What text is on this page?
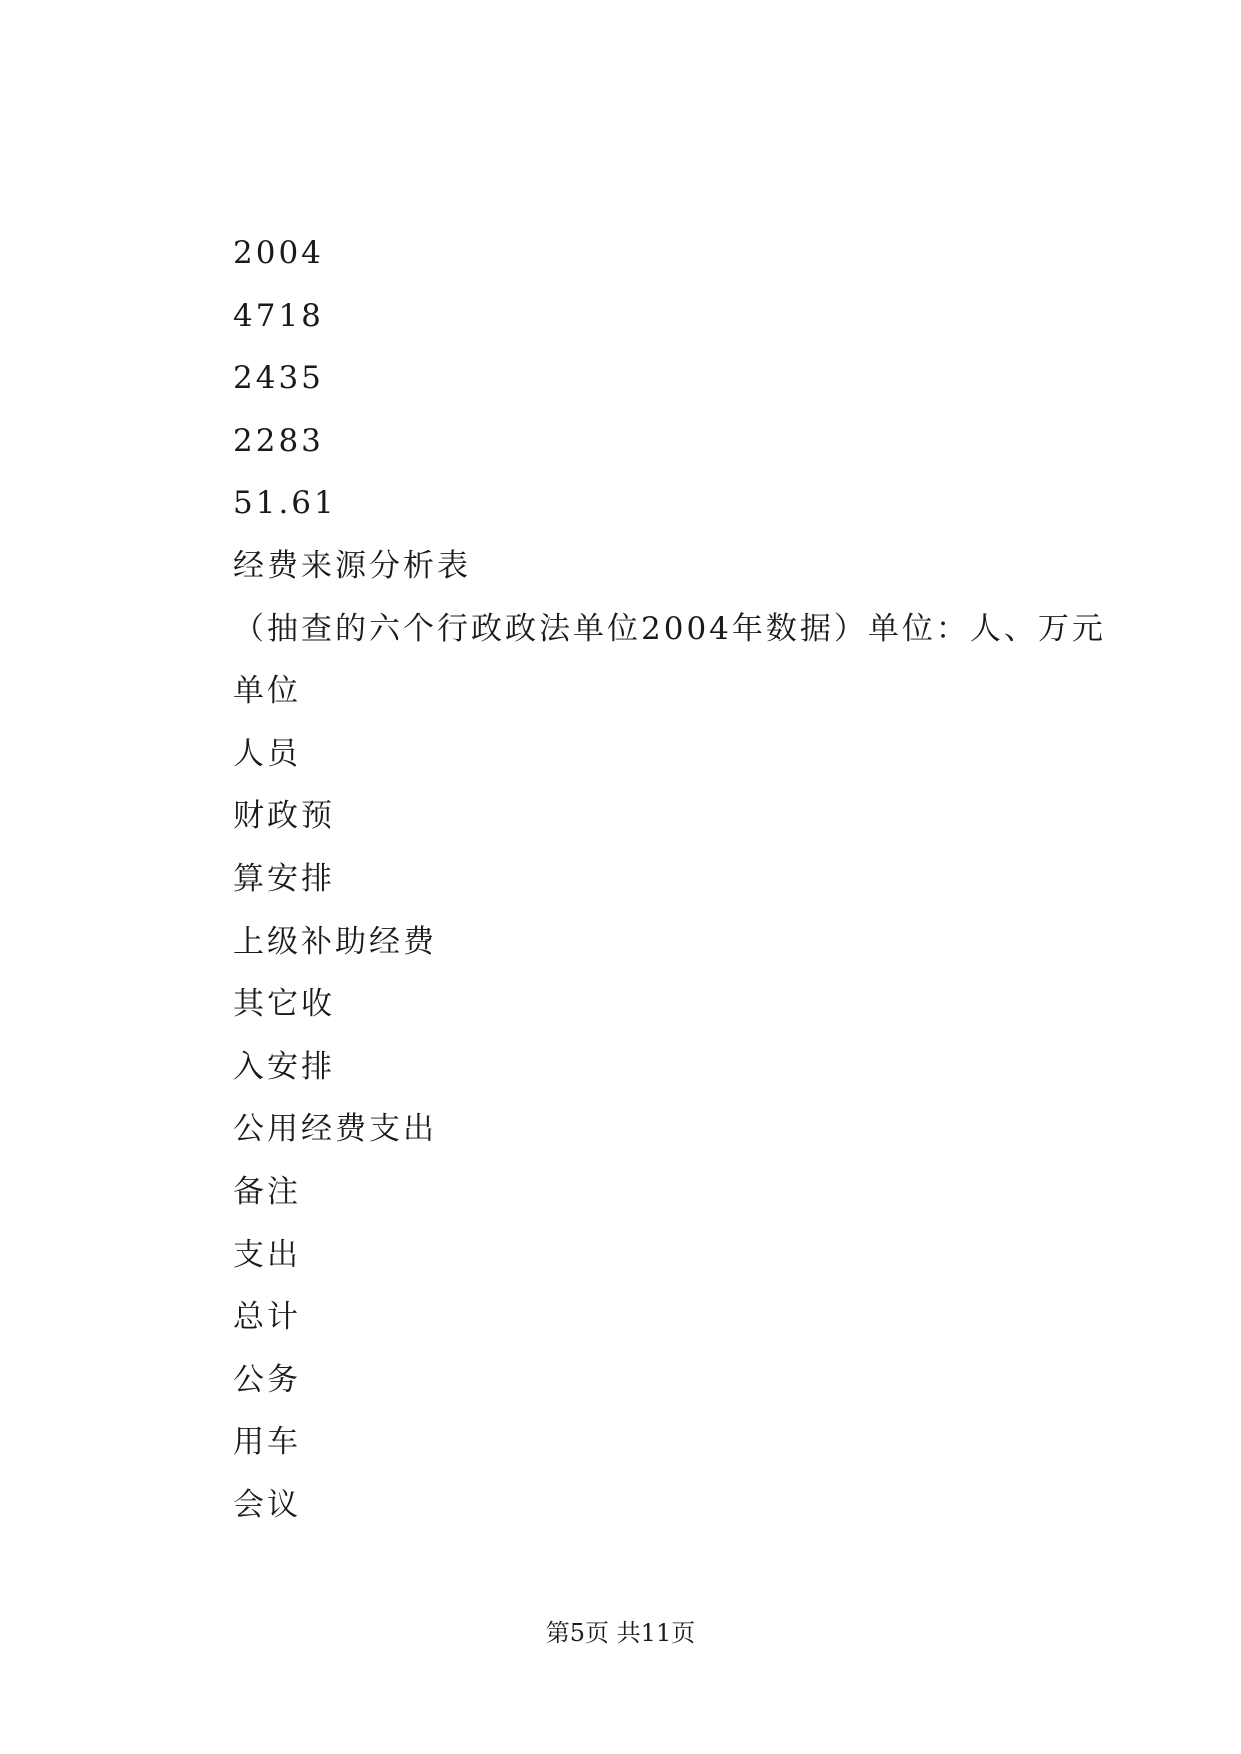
2004
4718
2435
2283
51.61
经费来源分析表
（抽查的六个行政政法单位2004年数据）单位：人、万元
单位
人员
财政预
算安排
上级补助经费
其它收
入安排
公用经费支出
备注
支出
总计
公务
用车
会议
第5页 共11页
